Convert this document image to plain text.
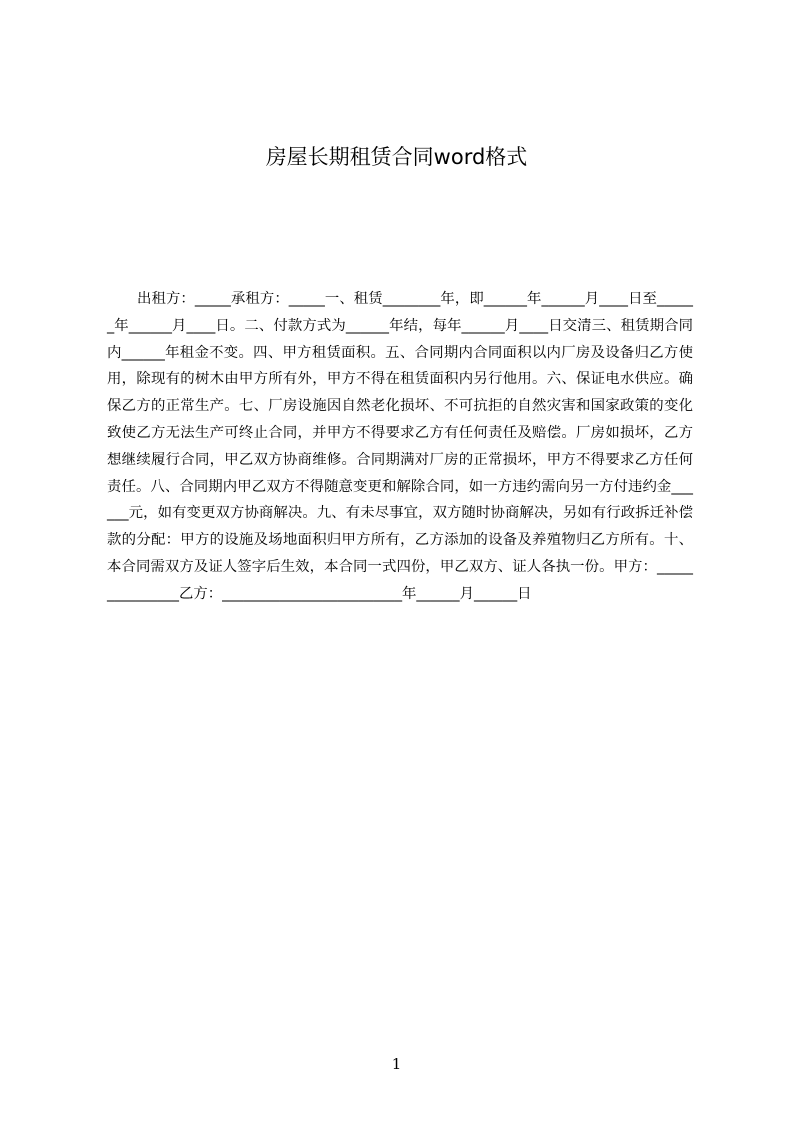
房屋长期租赁合同word格式

出租方：_____承租方：_____一、租赁________年，即______年______月____日至______年______月____日。二、付款方式为______年结，每年______月____日交清三、租赁期合同内______年租金不变。四、甲方租赁面积。五、合同期内合同面积以内厂房及设备归乙方使用，除现有的树木由甲方所有外，甲方不得在租赁面积内另行他用。六、保证电水供应。确保乙方的正常生产。七、厂房设施因自然老化损坏、不可抗拒的自然灾害和国家政策的变化致使乙方无法生产可终止合同，并甲方不得要求乙方有任何责任及赔偿。厂房如损坏，乙方想继续履行合同，甲乙双方协商维修。合同期满对厂房的正常损坏，甲方不得要求乙方任何责任。八、合同期内甲乙双方不得随意变更和解除合同，如一方违约需向另一方付违约金______元，如有变更双方协商解决。九、有未尽事宜，双方随时协商解决，另如有行政拆迁补偿款的分配：甲方的设施及场地面积归甲方所有，乙方添加的设备及养殖物归乙方所有。十、本合同需双方及证人签字后生效，本合同一式四份，甲乙双方、证人各执一份。甲方：_______________乙方：_________________________年______月______日

1
